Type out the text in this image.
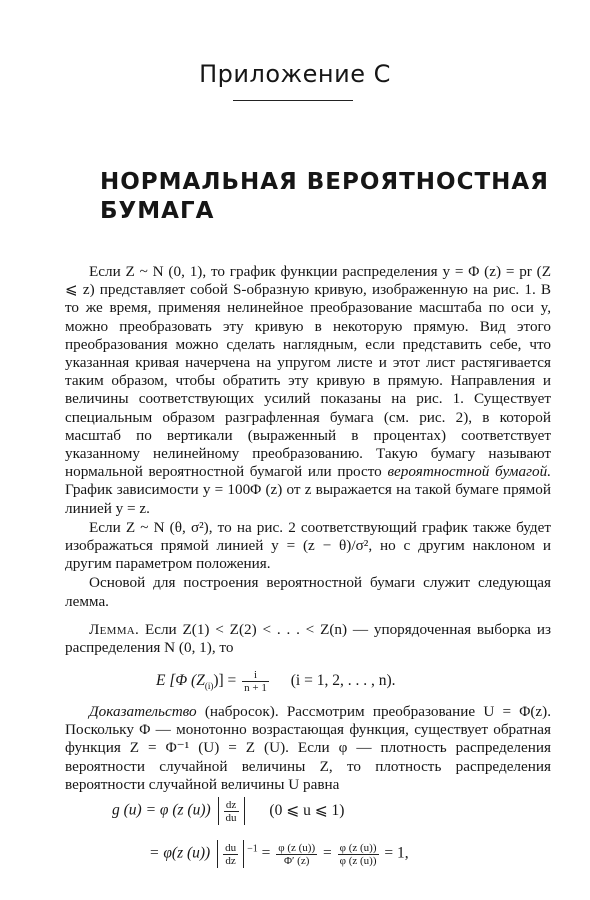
Приложение С
НОРМАЛЬНАЯ ВЕРОЯТНОСТНАЯ
БУМАГА

Если Z ~ N (0, 1), то график функции распределения y = Φ (z) = pr (Z ⩽ z) представляет собой S-образную кривую, изображенную на рис. 1. В то же время, применяя нелинейное преобразование масштаба по оси y, можно преобразовать эту кривую в некоторую прямую. Вид этого преобразования можно сделать наглядным, если представить себе, что указанная кривая начерчена на упругом листе и этот лист растягивается таким образом, чтобы обратить эту кривую в прямую. Направления и величины соответствующих усилий показаны на рис. 1. Существует специальным образом разграфленная бумага (см. рис. 2), в которой масштаб по вертикали (выраженный в процентах) соответствует указанному нелинейному преобразованию. Такую бумагу называют нормальной вероятностной бумагой или просто вероятностной бумагой. График зависимости y = 100Φ (z) от z выражается на такой бумаге прямой линией y = z.

Если Z ~ N (θ, σ²), то на рис. 2 соответствующий график также будет изображаться прямой линией y = (z − θ)/σ², но с другим наклоном и другим параметром положения.

Основой для построения вероятностной бумаги служит следующая лемма.

Лемма. Если Z(1) < Z(2) < . . . < Z(n) — упорядоченная выборка из распределения N (0, 1), то

E [Φ $(Z_{(i)})] = \frac{i}{n + 1} (i = 1$, 2, . . . , n).

Доказательство (набросок). Рассмотрим преобразование U = Φ(z). Поскольку Φ — монотонно возрастающая функция, существует обратная функция Z = Φ⁻¹ (U) = Z (U). Если φ — плотность распределения вероятности случайной величины Z, то плотность распределения вероятности случайной величины U равна

g (u) = φ (z $(u)) \frac{dz}{du} (0$ ⩽ u ⩽ 1)
= φ(z $(u)) \frac{du}{dz} ^{-1} = \frac{\varphi (z (u))}{\Phi' (z)} = \frac{\varphi (z (u))}{\varphi (z (u))} = 1$,
